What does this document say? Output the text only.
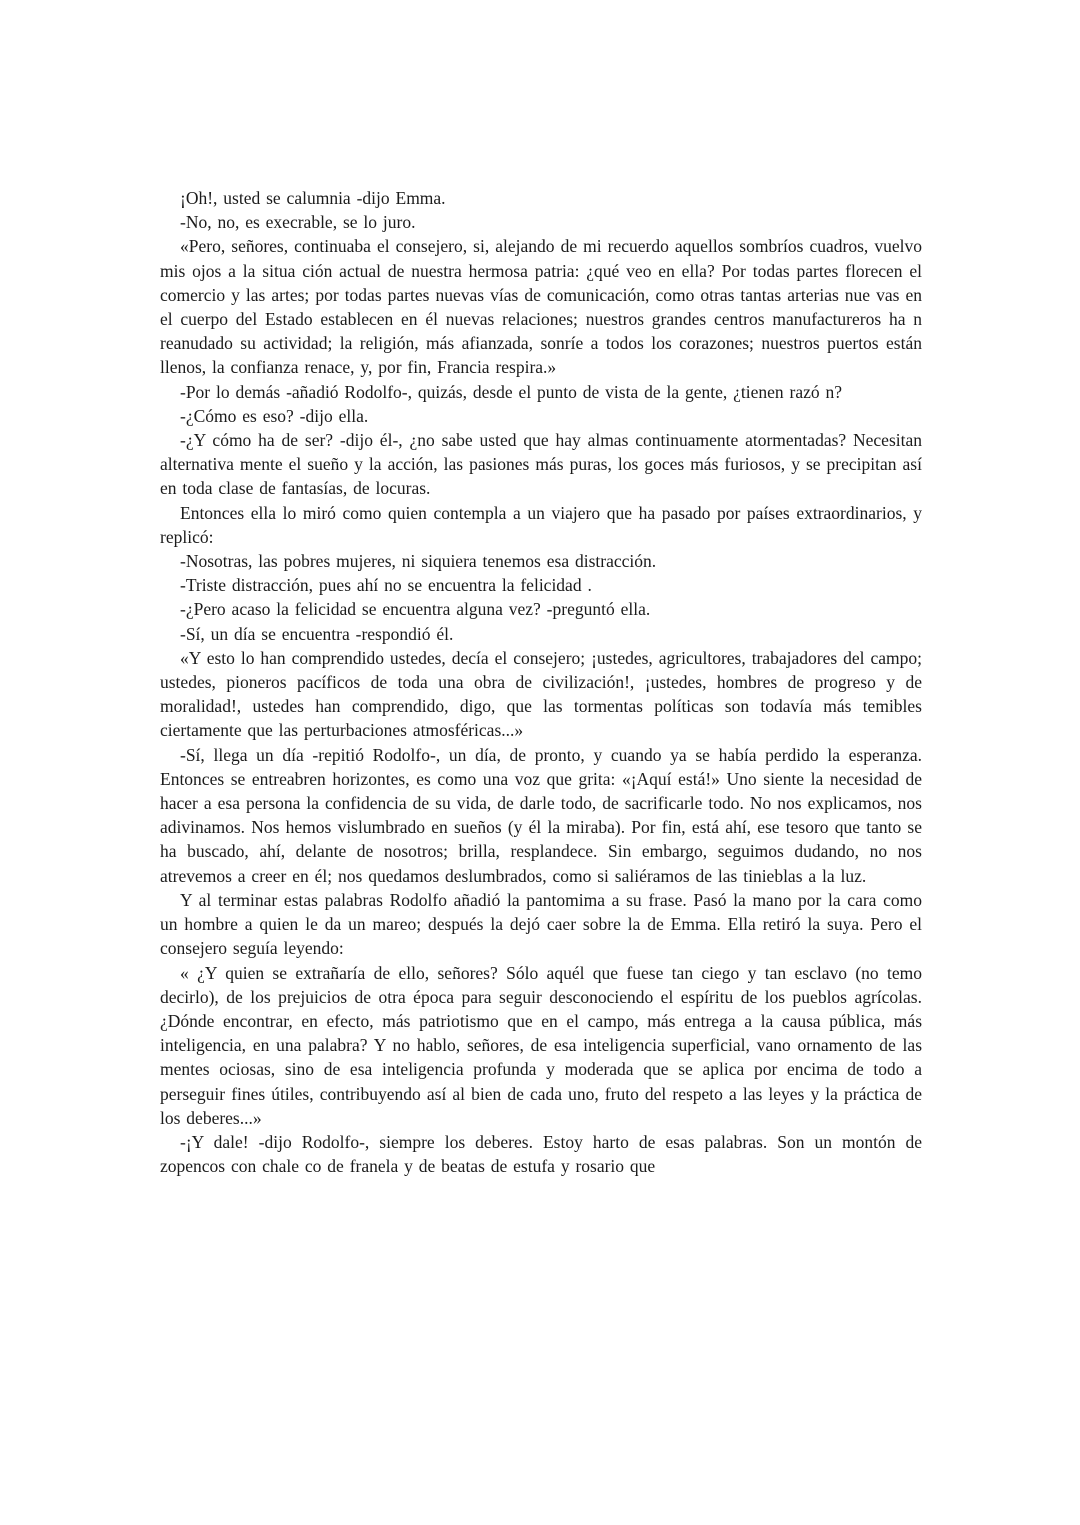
¡Oh!, usted se calumnia -dijo Emma.

-No, no, es execrable, se lo juro.

«Pero, señores, continuaba el consejero, si, alejando de mi recuerdo aquellos sombríos cuadros, vuelvo mis ojos a la situa ción actual de nuestra hermosa patria: ¿qué veo en ella? Por todas partes florecen el comercio y las artes; por todas partes nuevas vías de comunicación, como otras tantas arterias nue vas en el cuerpo del Estado establecen en él nuevas relaciones; nuestros grandes centros manufactureros ha n reanudado su actividad; la religión, más afianzada, sonríe a todos los corazones; nuestros puertos están llenos, la confianza renace, y, por fin, Francia respira.»

-Por lo demás -añadió Rodolfo-, quizás, desde el punto de vista de la gente, ¿tienen razó n?

-¿Cómo es eso? -dijo ella.

-¿Y cómo ha de ser? -dijo él-, ¿no sabe usted que hay almas continuamente atormentadas? Necesitan alternativa mente el sueño y la acción, las pasiones más puras, los goces más furiosos, y se precipitan así en toda clase de fantasías, de locuras.

Entonces ella lo miró como quien contempla a un viajero que ha pasado por países extraordinarios, y replicó:

-Nosotras, las pobres mujeres, ni siquiera tenemos esa distracción.

-Triste distracción, pues ahí no se encuentra la felicidad .

-¿Pero acaso la felicidad se encuentra alguna vez? -preguntó ella.

-Sí, un día se encuentra -respondió él.

«Y esto lo han comprendido ustedes, decía el consejero; ¡ustedes, agricultores, trabajadores del campo; ustedes, pioneros pacíficos de toda una obra de civilización!, ¡ustedes, hombres de progreso y de moralidad!, ustedes han comprendido, digo, que las tormentas políticas son todavía más temibles ciertamente que las perturbaciones atmosféricas...»

-Sí, llega un día -repitió Rodolfo-, un día, de pronto, y cuando ya se había perdido la esperanza. Entonces se entreabren horizontes, es como una voz que grita: «¡Aquí está!» Uno siente la necesidad de hacer a esa persona la confidencia de su vida, de darle todo, de sacrificarle todo. No nos explicamos, nos adivinamos. Nos hemos vislumbrado en sueños (y él la miraba). Por fin, está ahí, ese tesoro que tanto se ha buscado, ahí, delante de nosotros; brilla, resplandece. Sin embargo, seguimos dudando, no nos atrevemos a creer en él; nos quedamos deslumbrados, como si saliéramos de las tinieblas a la luz.

Y al terminar estas palabras Rodolfo añadió la pantomima a su frase. Pasó la mano por la cara como un hombre a quien le da un mareo; después la dejó caer sobre la de Emma. Ella retiró la suya. Pero el consejero seguía leyendo:

« ¿Y quien se extrañaría de ello, señores? Sólo aquél que fuese tan ciego y tan esclavo (no temo decirlo), de los prejuicios de otra época para seguir desconociendo el espíritu de los pueblos agrícolas. ¿Dónde encontrar, en efecto, más patriotismo que en el campo, más entrega a la causa pública, más inteligencia, en una palabra? Y no hablo, señores, de esa inteligencia superficial, vano ornamento de las mentes ociosas, sino de esa inteligencia profunda y moderada que se aplica por encima de todo a perseguir fines útiles, contribuyendo así al bien de cada uno, fruto del respeto a las leyes y la práctica de los deberes...»

-¡Y dale! -dijo Rodolfo-, siempre los deberes. Estoy harto de esas palabras. Son un montón de zopencos con chale co de franela y de beatas de estufa y rosario que
